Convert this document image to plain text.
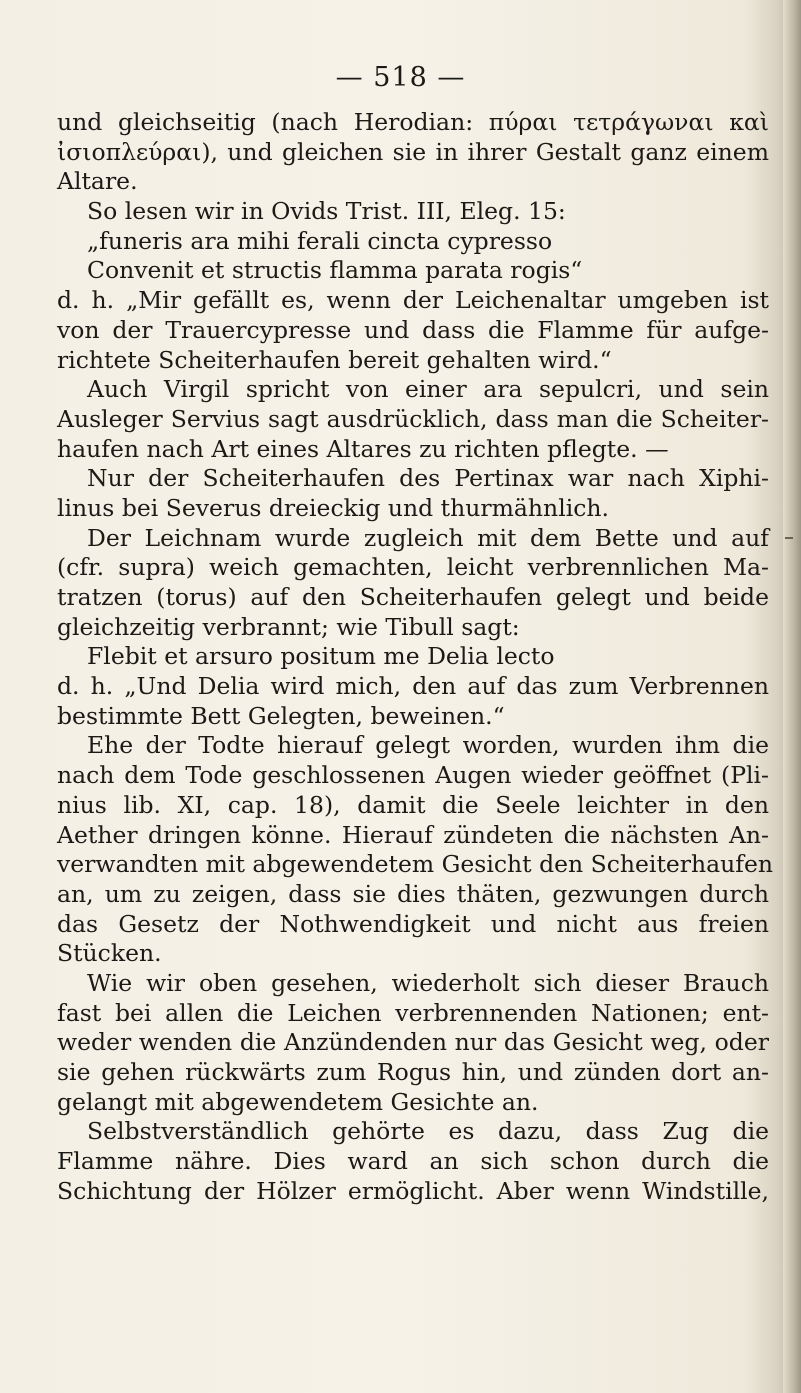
— 518 —
und gleichseitig (nach Herodian: πύραι τετράγωναι καὶ
ἰσιοπλεύραι), und gleichen sie in ihrer Gestalt ganz einem
Altare.
So lesen wir in Ovids Trist. III, Eleg. 15:
„funeris ara mihi ferali cincta cypresso
Convenit et structis flamma parata rogis“
d. h. „Mir gefällt es, wenn der Leichenaltar umgeben ist
von der Trauercypresse und dass die Flamme für aufge-
richtete Scheiterhaufen bereit gehalten wird.“
Auch Virgil spricht von einer ara sepulcri, und sein
Ausleger Servius sagt ausdrücklich, dass man die Scheiter-
haufen nach Art eines Altares zu richten pflegte. —
Nur der Scheiterhaufen des Pertinax war nach Xiphi-
linus bei Severus dreieckig und thurmähnlich.
Der Leichnam wurde zugleich mit dem Bette und auf
(cfr. supra) weich gemachten, leicht verbrennlichen Ma-
tratzen (torus) auf den Scheiterhaufen gelegt und beide
gleichzeitig verbrannt; wie Tibull sagt:
Flebit et arsuro positum me Delia lecto
d. h. „Und Delia wird mich, den auf das zum Verbrennen
bestimmte Bett Gelegten, beweinen.“
Ehe der Todte hierauf gelegt worden, wurden ihm die
nach dem Tode geschlossenen Augen wieder geöffnet (Pli-
nius lib. XI, cap. 18), damit die Seele leichter in den
Aether dringen könne. Hierauf zündeten die nächsten An-
verwandten mit abgewendetem Gesicht den Scheiterhaufen
an, um zu zeigen, dass sie dies thäten, gezwungen durch
das Gesetz der Nothwendigkeit und nicht aus freien
Stücken.
Wie wir oben gesehen, wiederholt sich dieser Brauch
fast bei allen die Leichen verbrennenden Nationen; ent-
weder wenden die Anzündenden nur das Gesicht weg, oder
sie gehen rückwärts zum Rogus hin, und zünden dort an-
gelangt mit abgewendetem Gesichte an.
Selbstverständlich gehörte es dazu, dass Zug die
Flamme nähre. Dies ward an sich schon durch die
Schichtung der Hölzer ermöglicht. Aber wenn Windstille,
